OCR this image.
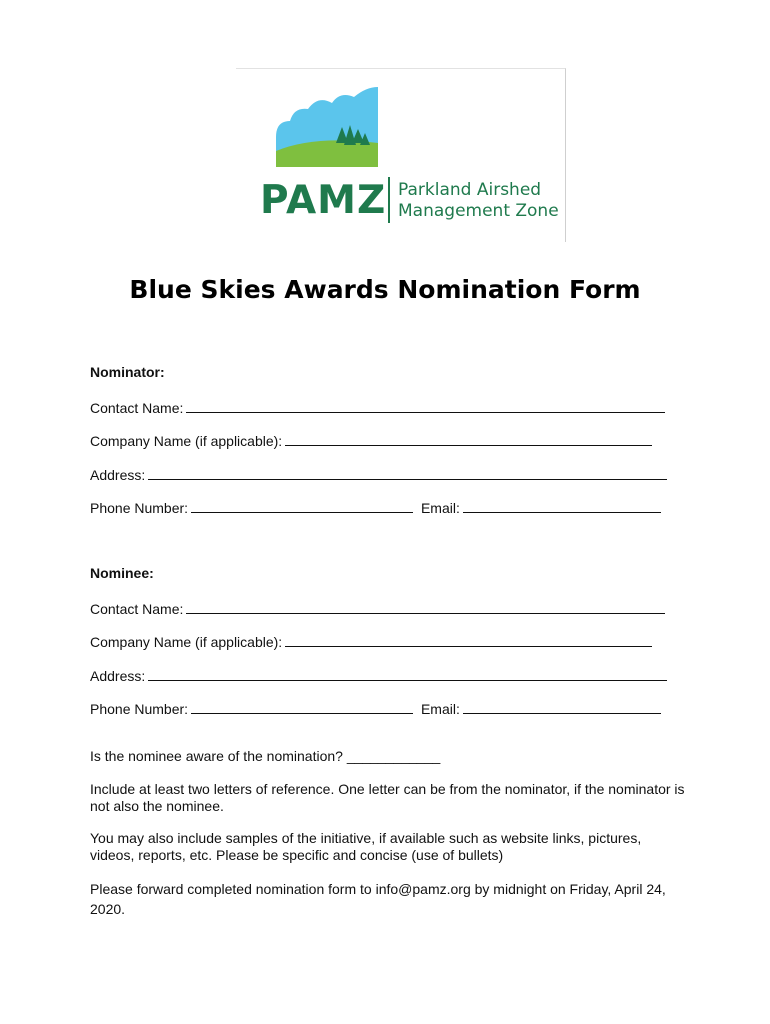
PAMZ Parkland Airshed
Management Zone
Blue Skies Awards Nomination Form
Nominator:
Contact Name:
Company Name (if applicable):
Address:
Phone Number:	Email:
Nominee:
Contact Name:
Company Name (if applicable):
Address:
Phone Number:	Email:
Is the nominee aware of the nomination? ____________
Include at least two letters of reference. One letter can be from the nominator, if the nominator is not also the nominee.
You may also include samples of the initiative, if available such as website links, pictures, videos, reports, etc. Please be specific and concise (use of bullets)
Please forward completed nomination form to info@pamz.org by midnight on Friday, April 24, 2020.
